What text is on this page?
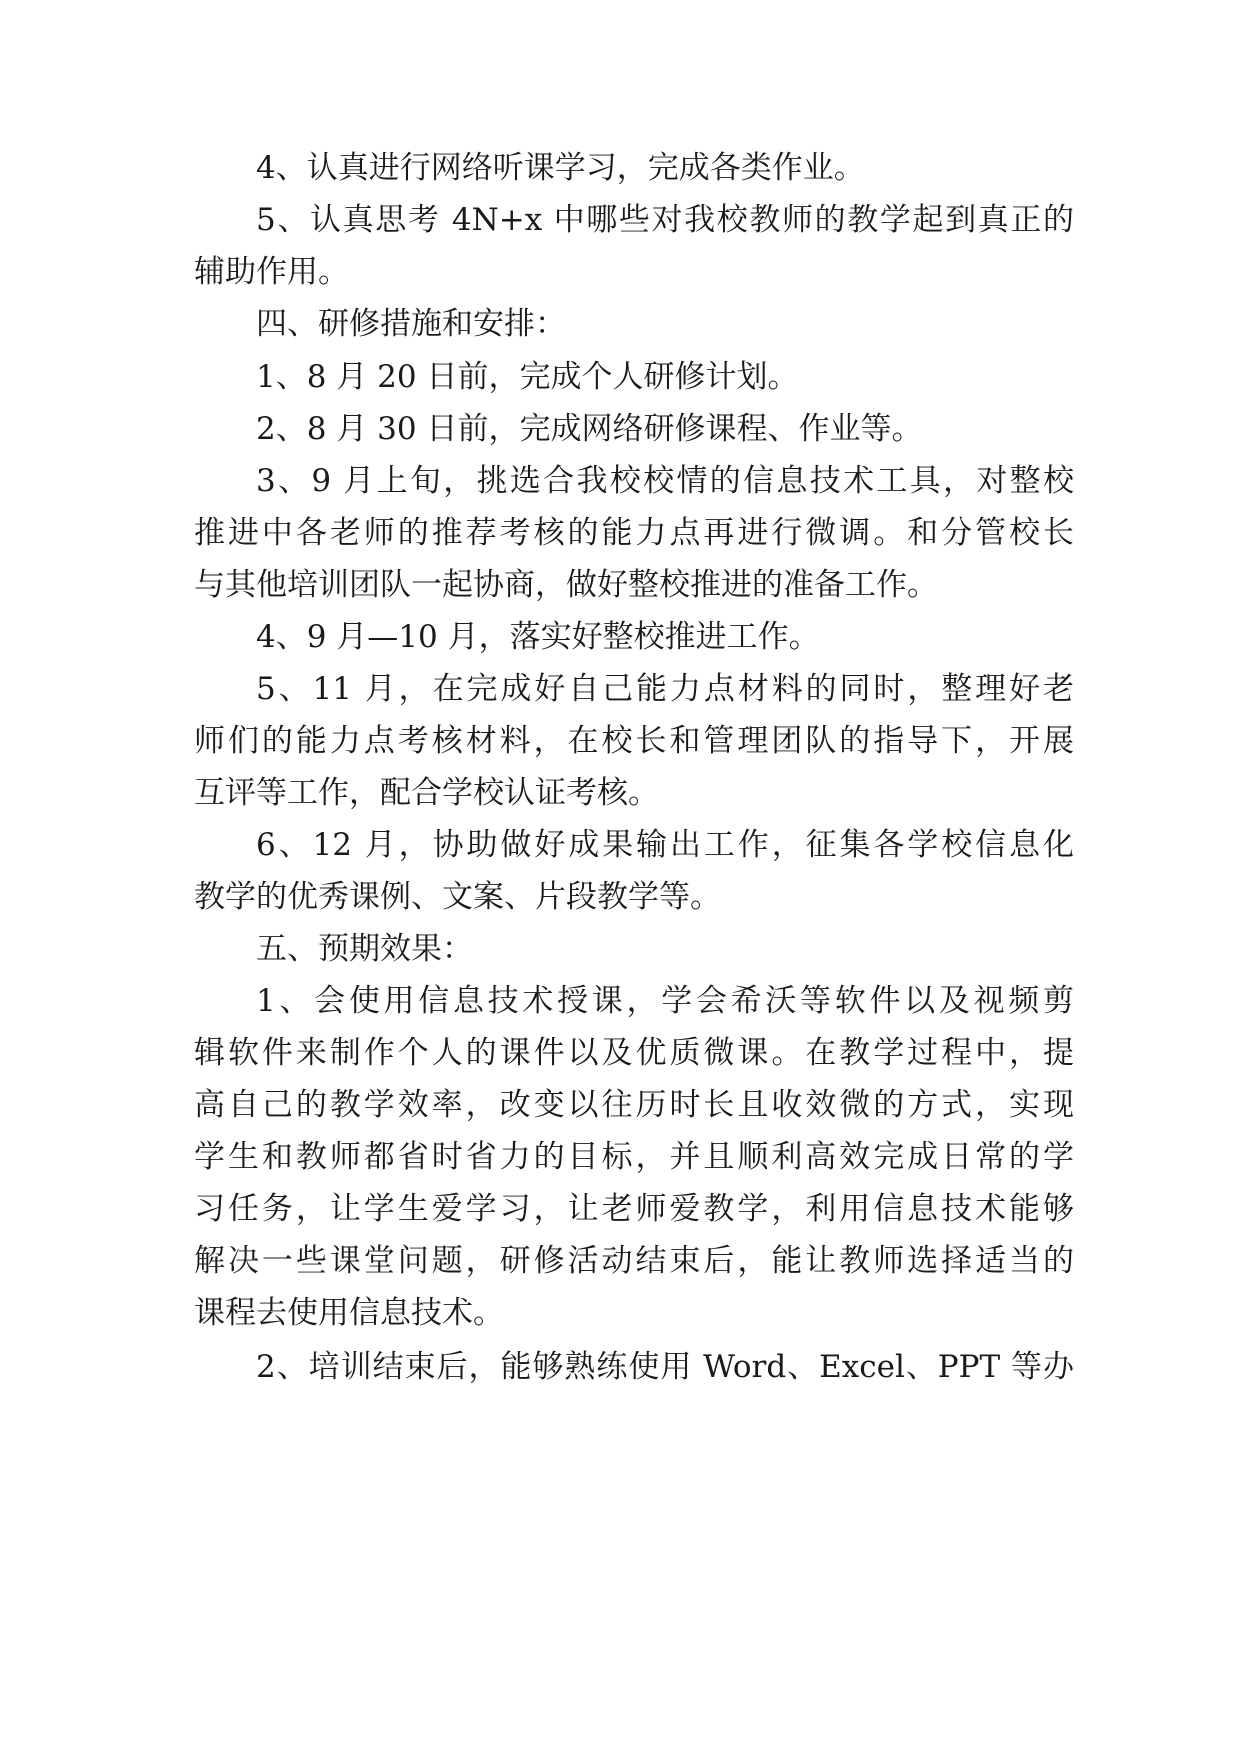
4、认真进行网络听课学习，完成各类作业。
5、认真思考 4N+x 中哪些对我校教师的教学起到真正的
辅助作用。
四、研修措施和安排：
1、8 月 20 日前，完成个人研修计划。
2、8 月 30 日前，完成网络研修课程、作业等。
3、9 月上旬，挑选合我校校情的信息技术工具，对整校
推进中各老师的推荐考核的能力点再进行微调。和分管校长
与其他培训团队一起协商，做好整校推进的准备工作。
4、9 月—10 月，落实好整校推进工作。
5、11 月，在完成好自己能力点材料的同时，整理好老
师们的能力点考核材料，在校长和管理团队的指导下，开展
互评等工作，配合学校认证考核。
6、12 月，协助做好成果输出工作，征集各学校信息化
教学的优秀课例、文案、片段教学等。
五、预期效果：
1、会使用信息技术授课，学会希沃等软件以及视频剪
辑软件来制作个人的课件以及优质微课。在教学过程中，提
高自己的教学效率，改变以往历时长且收效微的方式，实现
学生和教师都省时省力的目标，并且顺利高效完成日常的学
习任务，让学生爱学习，让老师爱教学，利用信息技术能够
解决一些课堂问题，研修活动结束后，能让教师选择适当的
课程去使用信息技术。
2、培训结束后，能够熟练使用 Word、Excel、PPT 等办
